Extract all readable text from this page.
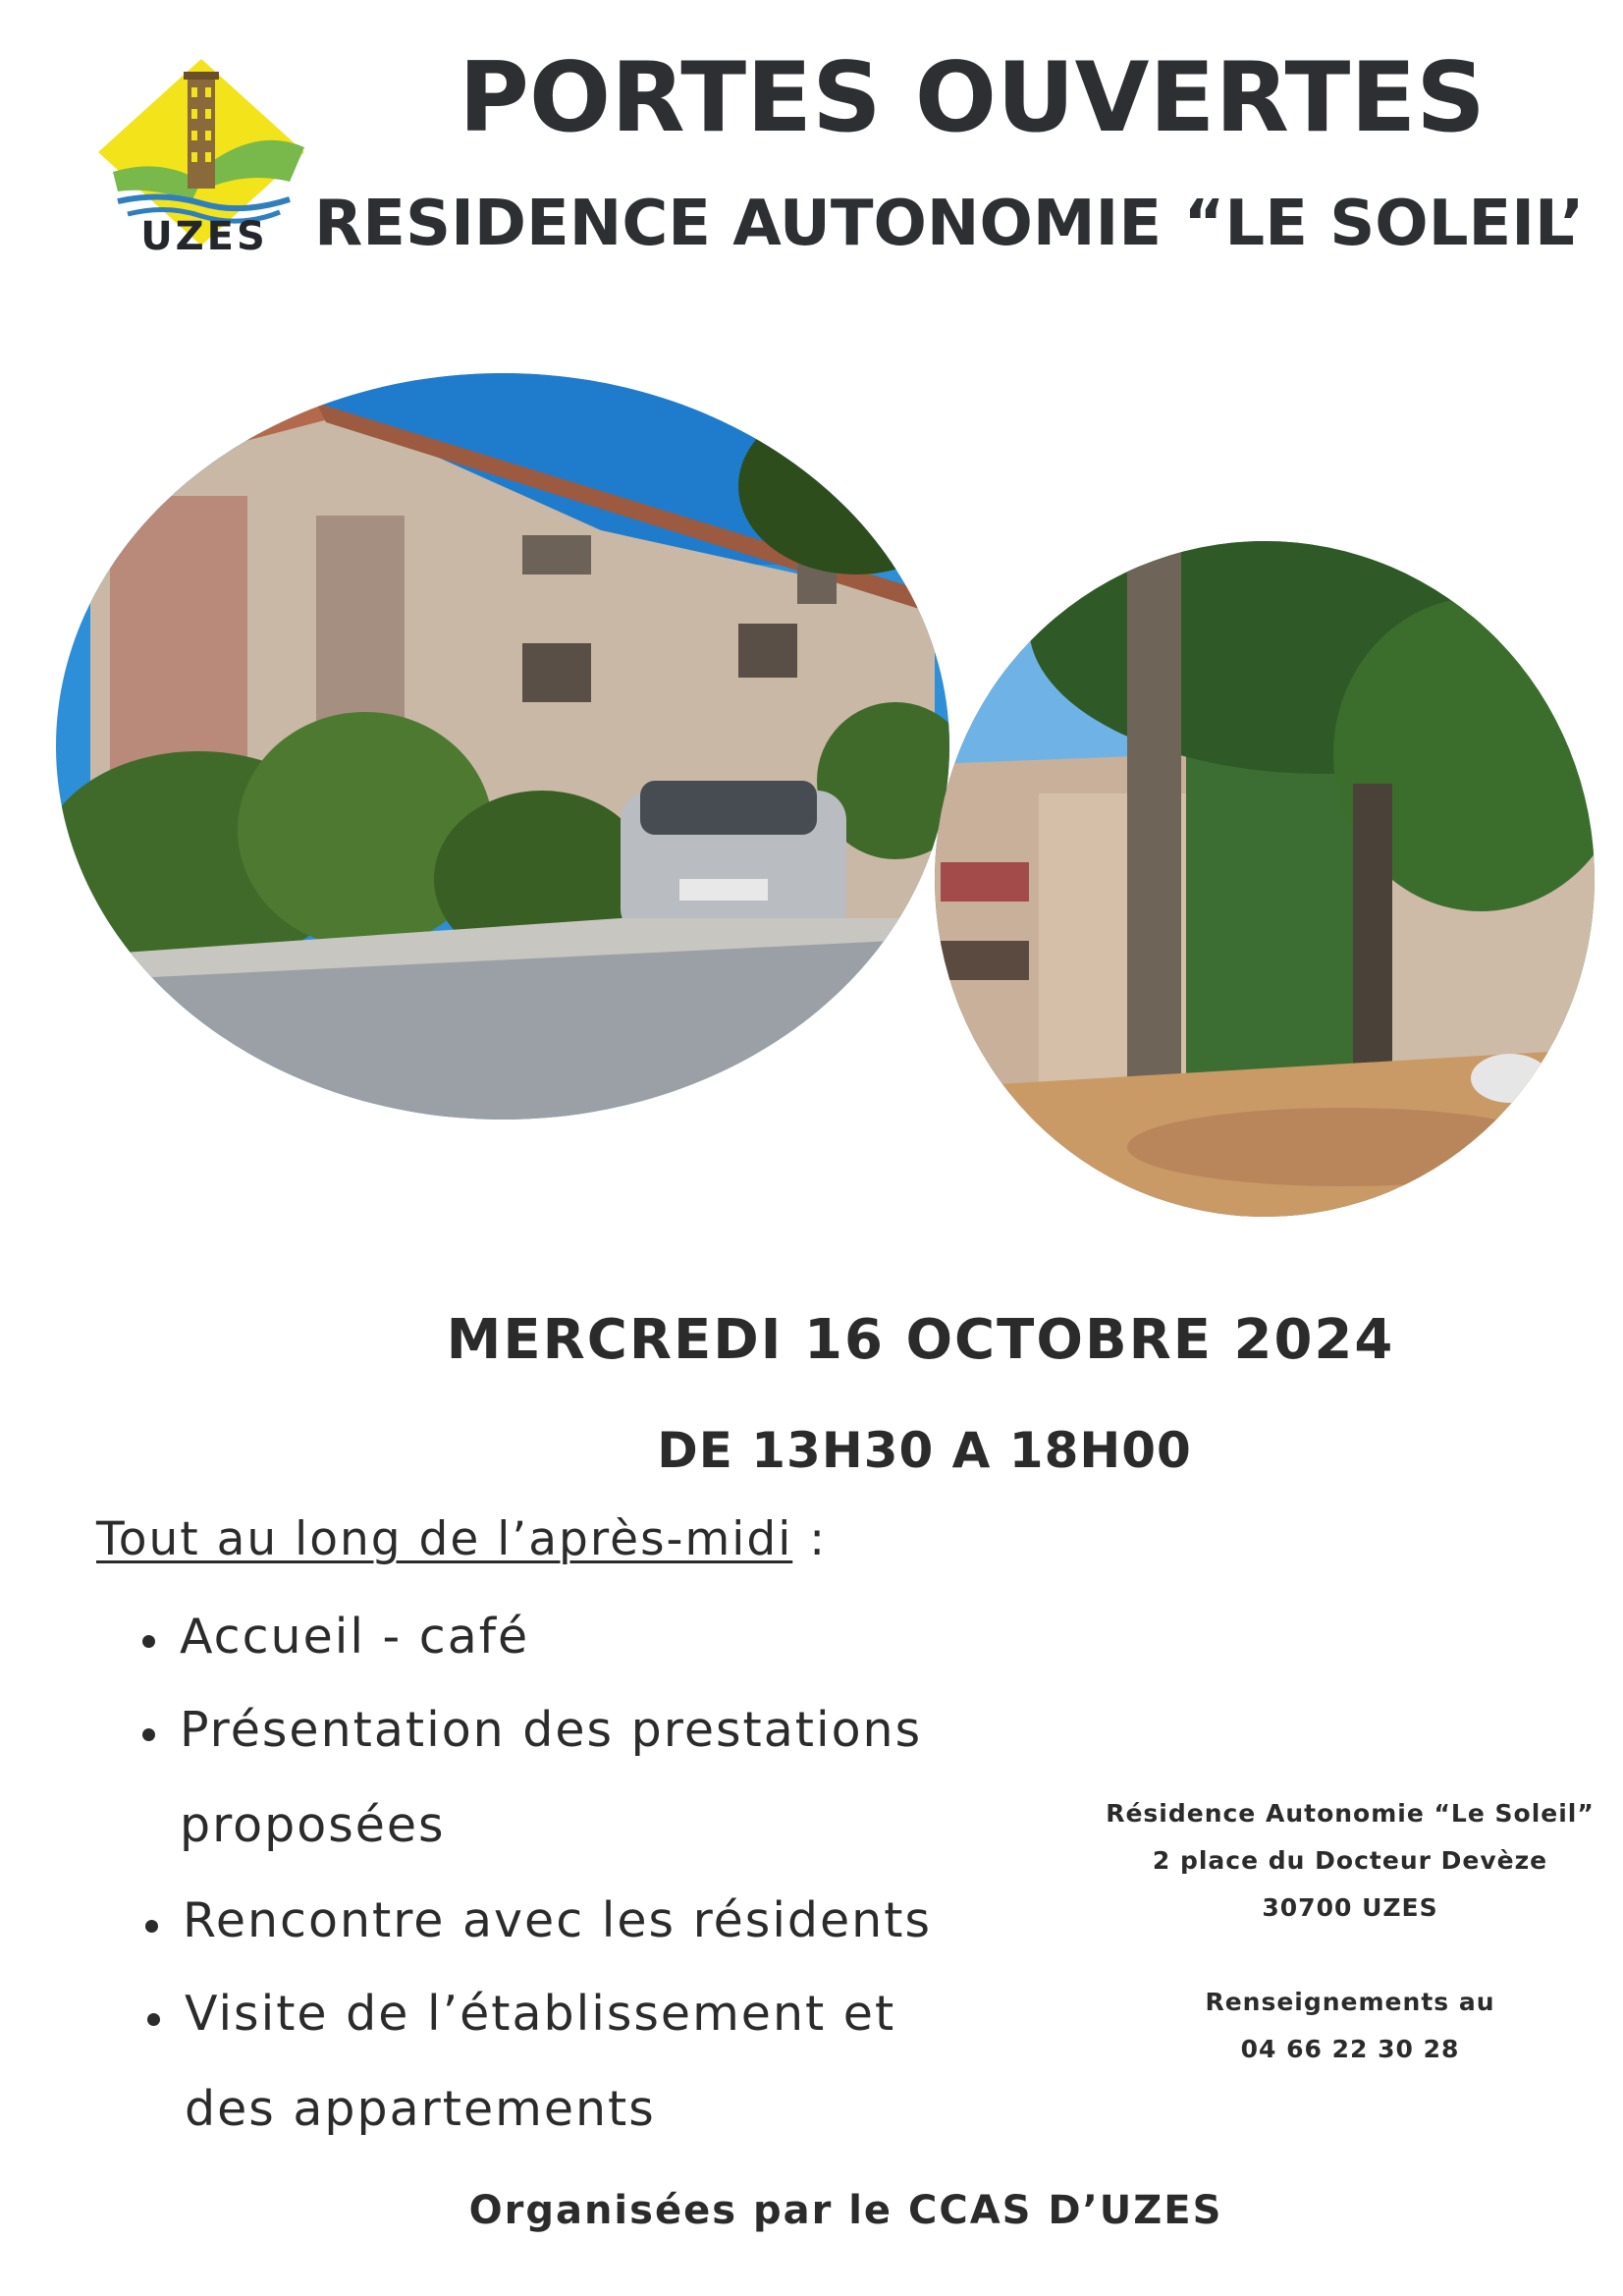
UZES
PORTES OUVERTES
RESIDENCE AUTONOMIE “LE SOLEIL’
MERCREDI 16 OCTOBRE 2024
DE 13H30 A 18H00
Tout au long de l’après-midi :
Accueil - café
Présentation des prestations
proposées
Rencontre avec les résidents
Visite de l’établissement et
des appartements
Résidence Autonomie “Le Soleil”
2 place du Docteur Devèze
30700 UZES
Renseignements au
04 66 22 30 28
Organisées par le CCAS D’UZES
